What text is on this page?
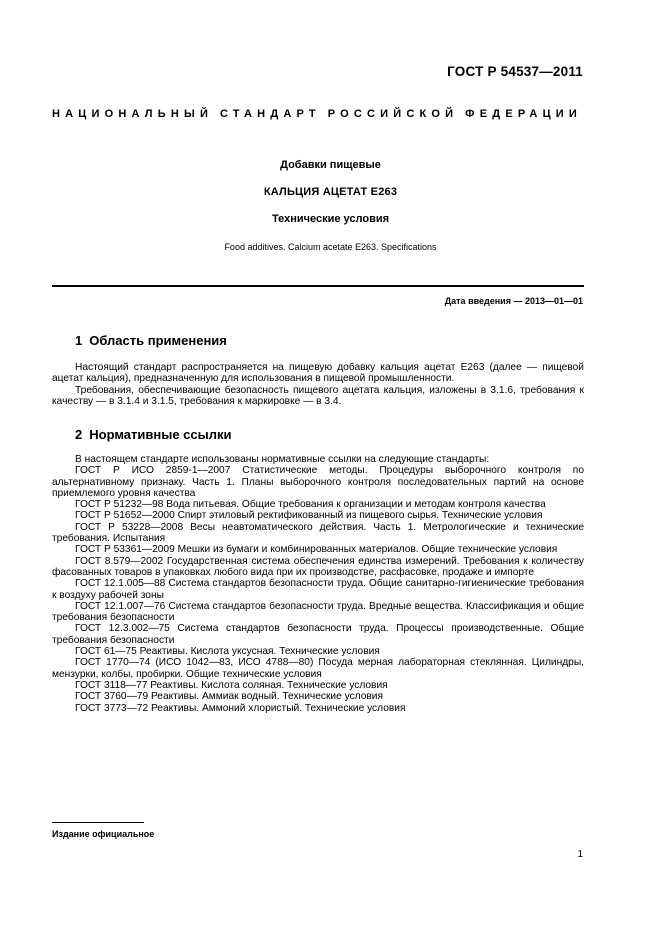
ГОСТ Р 54537—2011
НАЦИОНАЛЬНЫЙ СТАНДАРТ РОССИЙСКОЙ ФЕДЕРАЦИИ
Добавки пищевые
КАЛЬЦИЯ АЦЕТАТ Е263
Технические условия
Food additives. Calcium acetate E263. Specifications
Дата введения — 2013—01—01
1 Область применения

Настоящий стандарт распространяется на пищевую добавку кальция ацетат Е263 (далее — пищевой ацетат кальция), предназначенную для использования в пищевой промышленности.

Требования, обеспечивающие безопасность пищевого ацетата кальция, изложены в 3.1.6, требования к качеству — в 3.1.4 и 3.1.5, требования к маркировке — в 3.4.

2 Нормативные ссылки

В настоящем стандарте использованы нормативные ссылки на следующие стандарты:

ГОСТ Р ИСО 2859-1—2007 Статистические методы. Процедуры выборочного контроля по альтернативному признаку. Часть 1. Планы выборочного контроля последовательных партий на основе приемлемого уровня качества

ГОСТ Р 51232—98 Вода питьевая. Общие требования к организации и методам контроля качества

ГОСТ Р 51652—2000 Спирт этиловый ректификованный из пищевого сырья. Технические условия

ГОСТ Р 53228—2008 Весы неавтоматического действия. Часть 1. Метрологические и технические требования. Испытания

ГОСТ Р 53361—2009 Мешки из бумаги и комбинированных материалов. Общие технические условия

ГОСТ 8.579—2002 Государственная система обеспечения единства измерений. Требования к количеству фасованных товаров в упаковках любого вида при их производстве, расфасовке, продаже и импорте

ГОСТ 12.1.005—88 Система стандартов безопасности труда. Общие санитарно-гигиенические требования к воздуху рабочей зоны

ГОСТ 12.1.007—76 Система стандартов безопасности труда. Вредные вещества. Классификация и общие требования безопасности

ГОСТ 12.3.002—75 Система стандартов безопасности труда. Процессы производственные. Общие требования безопасности

ГОСТ 61—75 Реактивы. Кислота уксусная. Технические условия

ГОСТ 1770—74 (ИСО 1042—83, ИСО 4788—80) Посуда мерная лабораторная стеклянная. Цилиндры, мензурки, колбы, пробирки. Общие технические условия

ГОСТ 3118—77 Реактивы. Кислота соляная. Технические условия

ГОСТ 3760—79 Реактивы. Аммиак водный. Технические условия

ГОСТ 3773—72 Реактивы. Аммоний хлористый. Технические условия

Издание официальное
1
